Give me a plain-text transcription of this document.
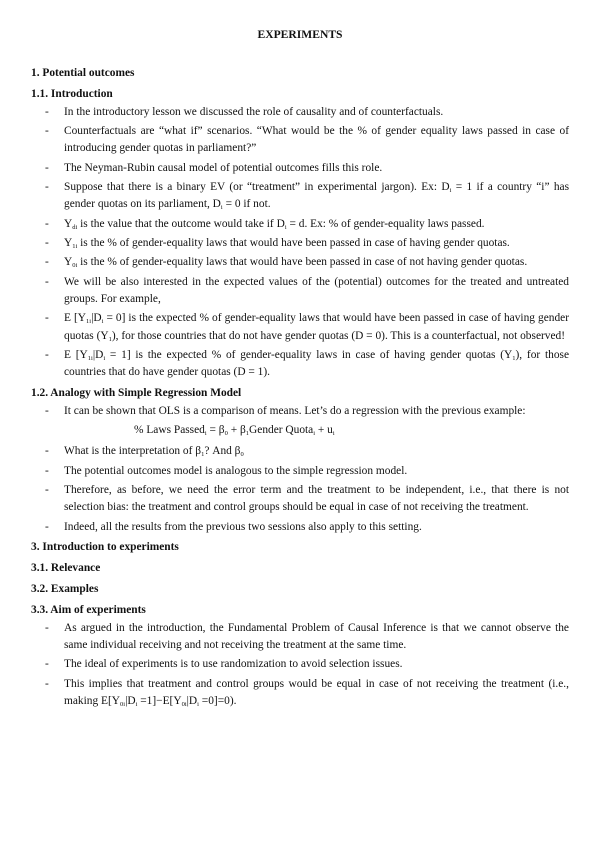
EXPERIMENTS
1. Potential outcomes
1.1. Introduction
- In the introductory lesson we discussed the role of causality and of counterfactuals.
- Counterfactuals are “what if” scenarios. “What would be the % of gender equality laws passed in case of introducing gender quotas in parliament?”
- The Neyman-Rubin causal model of potential outcomes fills this role.
- Suppose that there is a binary EV (or “treatment” in experimental jargon). Ex: $D_i = 1$ if a country “i” has gender quotas on its parliament, $D_i = 0$ if not.
- $Y_{di}$ is the value that the outcome would take if $D_i = d$. Ex: % of gender-equality laws passed.
- $Y_{1i}$ is the % of gender-equality laws that would have been passed in case of having gender quotas.
- $Y_{0i}$ is the % of gender-equality laws that would have been passed in case of not having gender quotas.
- We will be also interested in the expected values of the (potential) outcomes for the treated and untreated groups. For example,
- E $[Y_{1i}|D_i = 0]$ is the expected % of gender-equality laws that would have been passed in case of having gender quotas $(Y_1)$, for those countries that do not have gender quotas (D = 0). This is a counterfactual, not observed!
- E $[Y_{1i}|D_i = 1]$ is the expected % of gender-equality laws in case of having gender quotas $(Y_1)$, for those countries that do have gender quotas (D = 1).
1.2. Analogy with Simple Regression Model
- It can be shown that OLS is a comparison of means. Let’s do a regression with the previous example:
% Laws Passed$_i$ = $\beta_0$ + $\beta_1Gender$ Quota$_i$ + $u_i$
- What is the interpretation of $\beta_1$? And $\beta_0$
- The potential outcomes model is analogous to the simple regression model.
- Therefore, as before, we need the error term and the treatment to be independent, i.e., that there is not selection bias: the treatment and control groups should be equal in case of not receiving the treatment.
- Indeed, all the results from the previous two sessions also apply to this setting.
3. Introduction to experiments
3.1. Relevance
3.2. Examples
3.3. Aim of experiments
- As argued in the introduction, the Fundamental Problem of Causal Inference is that we cannot observe the same individual receiving and not receiving the treatment at the same time.
- The ideal of experiments is to use randomization to avoid selection issues.
- This implies that treatment and control groups would be equal in case of not receiving the treatment (i.e., making $E[Y_{0i}|D_i =1]-E[Y_{0i}|D_i =0]=0$).
